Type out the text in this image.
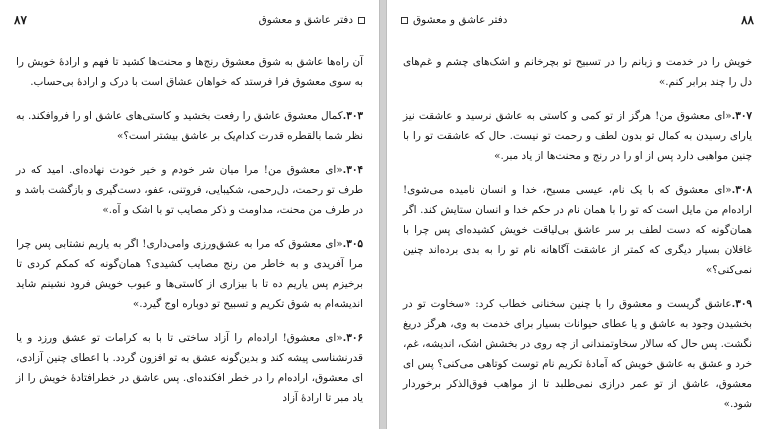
دفتر عاشق و معشوق
۸۷

آن راه‌ها عاشق به شوق معشوق رنج‌ها و محنت‌ها کشید تا فهم و ارادهٔ خویش را به سوی معشوق فرا فرستد که خواهان عشاق است با درک و ارادهٔ بی‌حساب.

۳۰۳.کمال معشوق عاشق را رفعت بخشید و کاستی‌های عاشق او را فروافکند. به نظر شما بالقطره قدرت کدام‌یک بر عاشق بیشتر است؟»

۳۰۴.«ای معشوق من! مرا میان شر خودم و خیر خودت نهاده‌ای. امید که در طرف تو رحمت، دل‌رحمی، شکیبایی، فروتنی، عفو، دست‌گیری و بازگشت باشد و در طرف من محنت، مداومت و ذکر مصایب تو با اشک و آه.»

۳۰۵.«ای معشوق که مرا به عشق‌ورزی وامی‌داری! اگر به یاریم نشتابی پس چرا مرا آفریدی و به خاطر من رنج مصایب کشیدی؟ همان‌گونه که کمکم کردی تا برخیزم پس یاریم ده تا با بیزاری از کاستی‌ها و عیوب خویش فرود نشینم شاید اندیشه‌ام به شوق تکریم و تسبیح تو دوباره اوج گیرد.»

۳۰۶.«ای معشوق! اراده‌ام را آزاد ساختی تا با به کرامات تو عشق ورزد و یا قدرنشناسی پیشه کند و بدین‌گونه عشق به تو افزون گردد. با اعطای چنین آزادی، ای معشوق، اراده‌ام را در خطر افکنده‌ای. پس عاشق در خطرافتادهٔ خویش را از یاد مبر تا ارادهٔ آزاد

۸۸
دفتر عاشق و معشوق

خویش را در خدمت و زبانم را در تسبیح تو بچرخانم و اشک‌های چشم و غم‌های دل را چند برابر کنم.»

۳۰۷.«ای معشوق من! هرگز از تو کمی و کاستی به عاشق نرسید و عاشقت نیز یارای رسیدن به کمال تو بدون لطف و رحمت تو نیست. حال که عاشقت تو را با چنین مواهبی دارد پس از او را در رنج و محنت‌ها از یاد مبر.»

۳۰۸.«ای معشوق که با یک نام، عیسی مسیح، خدا و انسان نامیده می‌شوی! اراده‌ام من مایل است که تو را با همان نام در حکم خدا و انسان ستایش کند. اگر همان‌گونه که دست لطف بر سر عاشق بی‌لیاقت خویش کشیده‌ای پس چرا با غافلان بسیار دیگری که کمتر از عاشقت آگاهانه نام تو را به بدی برده‌اند چنین نمی‌کنی؟»

۳۰۹.عاشق گریست و معشوق را با چنین سخنانی خطاب کرد: «سخاوت تو در بخشیدن وجود به عاشق و یا عطای حیوانات بسیار برای خدمت به وی، هرگز دریغ نگشت. پس حال که سالار سخاوتمندانی از چه روی در بخشش اشک، اندیشه، غم، خرد و عشق به عاشق خویش که آمادهٔ تکریم نام توست کوتاهی می‌کنی؟ پس ای معشوق، عاشق از تو عمر درازی نمی‌طلبد تا از مواهب فوق‌الذکر برخوردار شود.»
